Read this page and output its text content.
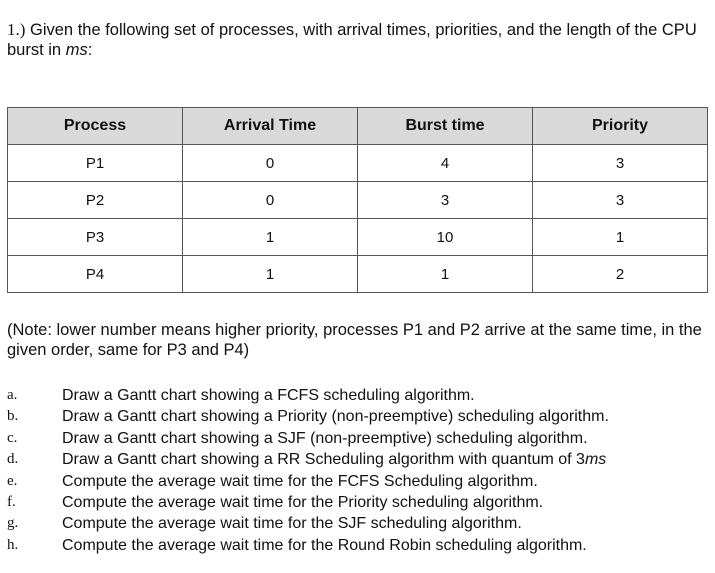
1.) Given the following set of processes, with arrival times, priorities, and the length of the CPU burst in ms:
Process	Arrival Time	Burst time	Priority
P1	0	4	3
P2	0	3	3
P3	1	10	1
P4	1	1	2
(Note: lower number means higher priority, processes P1 and P2 arrive at the same time, in the given order, same for P3 and P4)
a.	Draw a Gantt chart showing a FCFS scheduling algorithm.
b.	Draw a Gantt chart showing a Priority (non-preemptive) scheduling algorithm.
c.	Draw a Gantt chart showing a SJF (non-preemptive) scheduling algorithm.
d.	Draw a Gantt chart showing a RR Scheduling algorithm with quantum of 3ms
e.	Compute the average wait time for the FCFS Scheduling algorithm.
f.	Compute the average wait time for the Priority scheduling algorithm.
g.	Compute the average wait time for the SJF scheduling algorithm.
h.	Compute the average wait time for the Round Robin scheduling algorithm.
